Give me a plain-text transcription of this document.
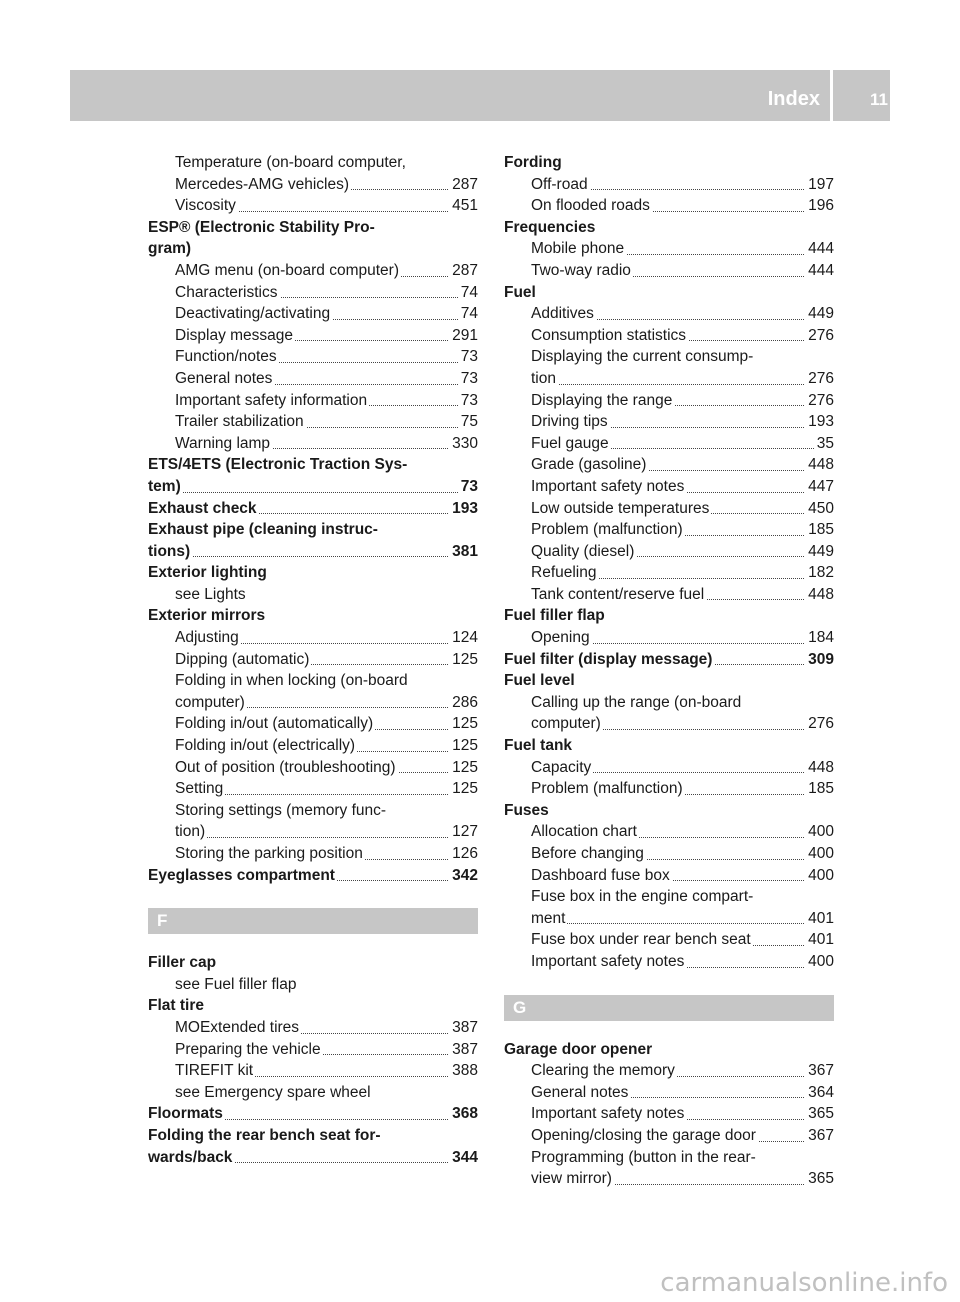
Index	11
Temperature (on-board computer,
Mercedes-AMG vehicles)	287
Viscosity	451
ESP® (Electronic Stability Pro-
gram)
AMG menu (on-board computer)	287
Characteristics	74
Deactivating/activating	74
Display message	291
Function/notes	73
General notes	73
Important safety information	73
Trailer stabilization	75
Warning lamp	330
ETS/4ETS (Electronic Traction Sys-
tem)	73
Exhaust check	193
Exhaust pipe (cleaning instruc-
tions)	381
Exterior lighting
see Lights
Exterior mirrors
Adjusting	124
Dipping (automatic)	125
Folding in when locking (on-board
computer)	286
Folding in/out (automatically)	125
Folding in/out (electrically)	125
Out of position (troubleshooting)	125
Setting	125
Storing settings (memory func-
tion)	127
Storing the parking position	126
Eyeglasses compartment	342
F
Filler cap
see Fuel filler flap
Flat tire
MOExtended tires	387
Preparing the vehicle	387
TIREFIT kit	388
see Emergency spare wheel
Floormats	368
Folding the rear bench seat for-
wards/back	344
Fording
Off-road	197
On flooded roads	196
Frequencies
Mobile phone	444
Two-way radio	444
Fuel
Additives	449
Consumption statistics	276
Displaying the current consump-
tion	276
Displaying the range	276
Driving tips	193
Fuel gauge	35
Grade (gasoline)	448
Important safety notes	447
Low outside temperatures	450
Problem (malfunction)	185
Quality (diesel)	449
Refueling	182
Tank content/reserve fuel	448
Fuel filler flap
Opening	184
Fuel filter (display message)	309
Fuel level
Calling up the range (on-board
computer)	276
Fuel tank
Capacity	448
Problem (malfunction)	185
Fuses
Allocation chart	400
Before changing	400
Dashboard fuse box	400
Fuse box in the engine compart-
ment	401
Fuse box under rear bench seat	401
Important safety notes	400
G
Garage door opener
Clearing the memory	367
General notes	364
Important safety notes	365
Opening/closing the garage door	367
Programming (button in the rear-
view mirror)	365
carmanualsonline.info
